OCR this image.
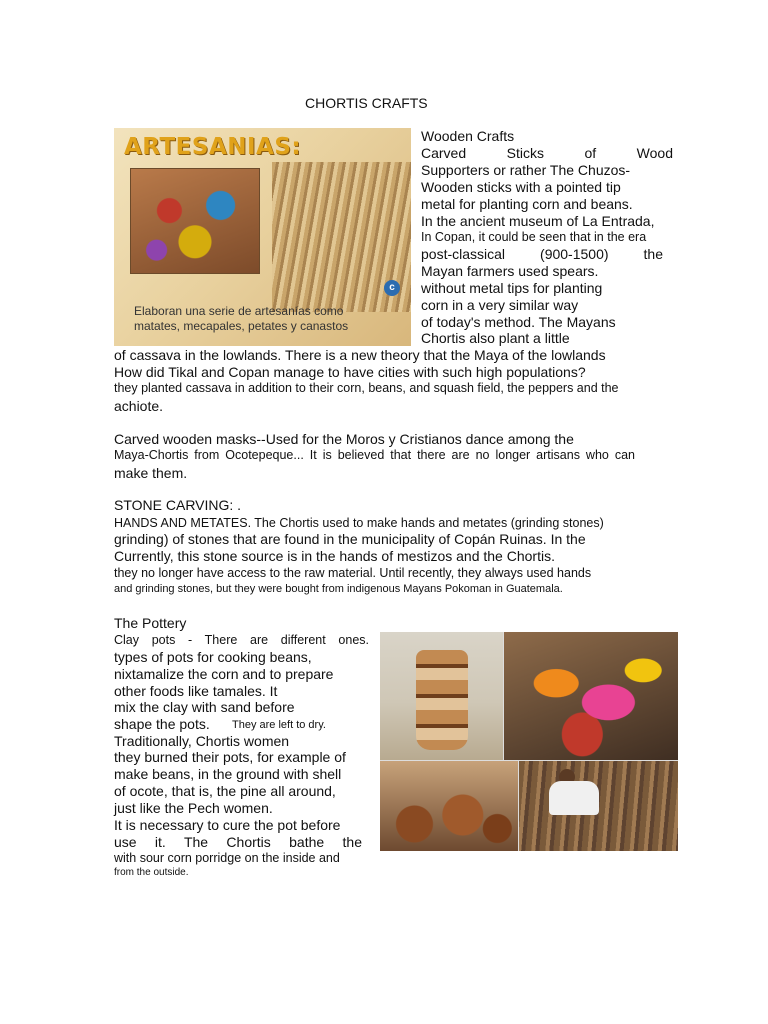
CHORTIS CRAFTS
ARTESANIAS:
c
Elaboran una serie de artesanías como matates, mecapales, petates y canastos
Wooden Crafts
Carved Sticks of Wood
Supporters or rather The Chuzos-
Wooden sticks with a pointed tip
metal for planting corn and beans.
In the ancient museum of La Entrada,
In Copan, it could be seen that in the era
post-classical (900-1500) the
Mayan farmers used spears.
without metal tips for planting
corn in a very similar way
of today's method. The Mayans
Chortis also plant a little
of cassava in the lowlands. There is a new theory that the Maya of the lowlands
How did Tikal and Copan manage to have cities with such high populations?
they planted cassava in addition to their corn, beans, and squash field, the peppers and the
achiote.
Carved wooden masks--Used for the Moros y Cristianos dance among the
Maya-Chortis from Ocotepeque... It is believed that there are no longer artisans who can
make them.
STONE CARVING: .
HANDS AND METATES. The Chortis used to make hands and metates (grinding stones)
grinding) of stones that are found in the municipality of Copán Ruinas. In the
Currently, this stone source is in the hands of mestizos and the Chortis.
they no longer have access to the raw material. Until recently, they always used hands
and grinding stones, but they were bought from indigenous Mayans Pokoman in Guatemala.
The Pottery
Clay pots - There are different ones.
types of pots for cooking beans,
nixtamalize the corn and to prepare
other foods like tamales. It
mix the clay with sand before
shape the pots. They are left to dry.
Traditionally, Chortis women
they burned their pots, for example of
make beans, in the ground with shell
of ocote, that is, the pine all around,
just like the Pech women.
It is necessary to cure the pot before
use it. The Chortis bathe the
with sour corn porridge on the inside and
from the outside.
